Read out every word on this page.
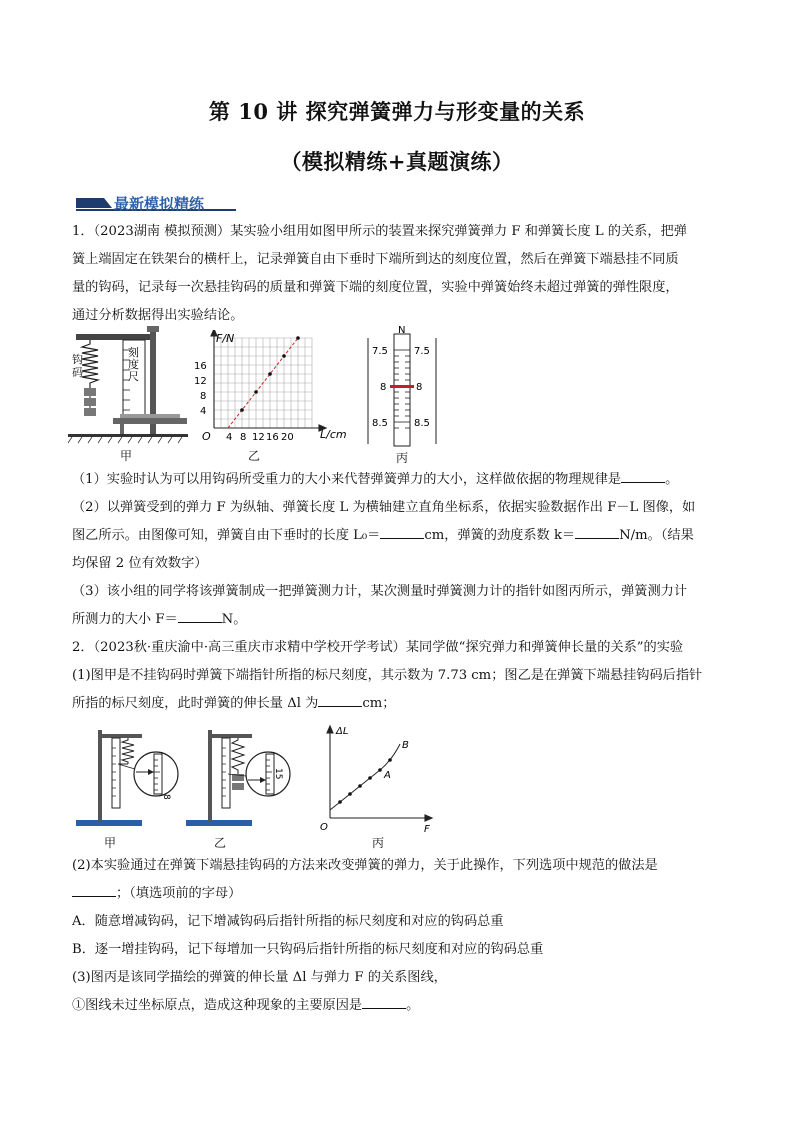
第 10 讲 探究弹簧弹力与形变量的关系
（模拟精练+真题演练）
最新模拟精练
1．（2023湖南 模拟预测）某实验小组用如图甲所示的装置来探究弹簧弹力 F 和弹簧长度 L 的关系，把弹
簧上端固定在铁架台的横杆上，记录弹簧自由下垂时下端所到达的刻度位置，然后在弹簧下端悬挂不同质
量的钩码，记录每一次悬挂钩码的质量和弹簧下端的刻度位置，实验中弹簧始终未超过弹簧的弹性限度，
通过分析数据得出实验结论。
刻度尺
钩码
甲
F/N
L/cm
O
16
12
8
4
4 8 12 16 20
乙
N
7.5
8
8.5
7.5
8
8.5
丙
（1）实验时认为可以用钩码所受重力的大小来代替弹簧弹力的大小，这样做依据的物理规律是	。
（2）以弹簧受到的弹力 F 为纵轴、弹簧长度 L 为横轴建立直角坐标系，依据实验数据作出 F－L 图像，如
图乙所示。由图像可知，弹簧自由下垂时的长度 L₀＝	cm，弹簧的劲度系数 k＝	N/m。（结果
均保留 2 位有效数字）
（3）该小组的同学将该弹簧制成一把弹簧测力计，某次测量时弹簧测力计的指针如图丙所示，弹簧测力计
所测力的大小 F＝	N。
2．（2023秋·重庆渝中·高三重庆市求精中学校开学考试）某同学做“探究弹力和弹簧伸长量的关系”的实验
(1)图甲是不挂钩码时弹簧下端指针所指的标尺刻度，其示数为 7.73 cm；图乙是在弹簧下端悬挂钩码后指针
所指的标尺刻度，此时弹簧的伸长量 Δl 为	cm；
8
甲
15
乙
ΔL
F
O
A
B
丙
(2)本实验通过在弹簧下端悬挂钩码的方法来改变弹簧的弹力，关于此操作，下列选项中规范的做法是
；（填选项前的字母）
A．随意增减钩码，记下增减钩码后指针所指的标尺刻度和对应的钩码总重
B．逐一增挂钩码，记下每增加一只钩码后指针所指的标尺刻度和对应的钩码总重
(3)图丙是该同学描绘的弹簧的伸长量 Δl 与弹力 F 的关系图线，
①图线未过坐标原点，造成这种现象的主要原因是	。
